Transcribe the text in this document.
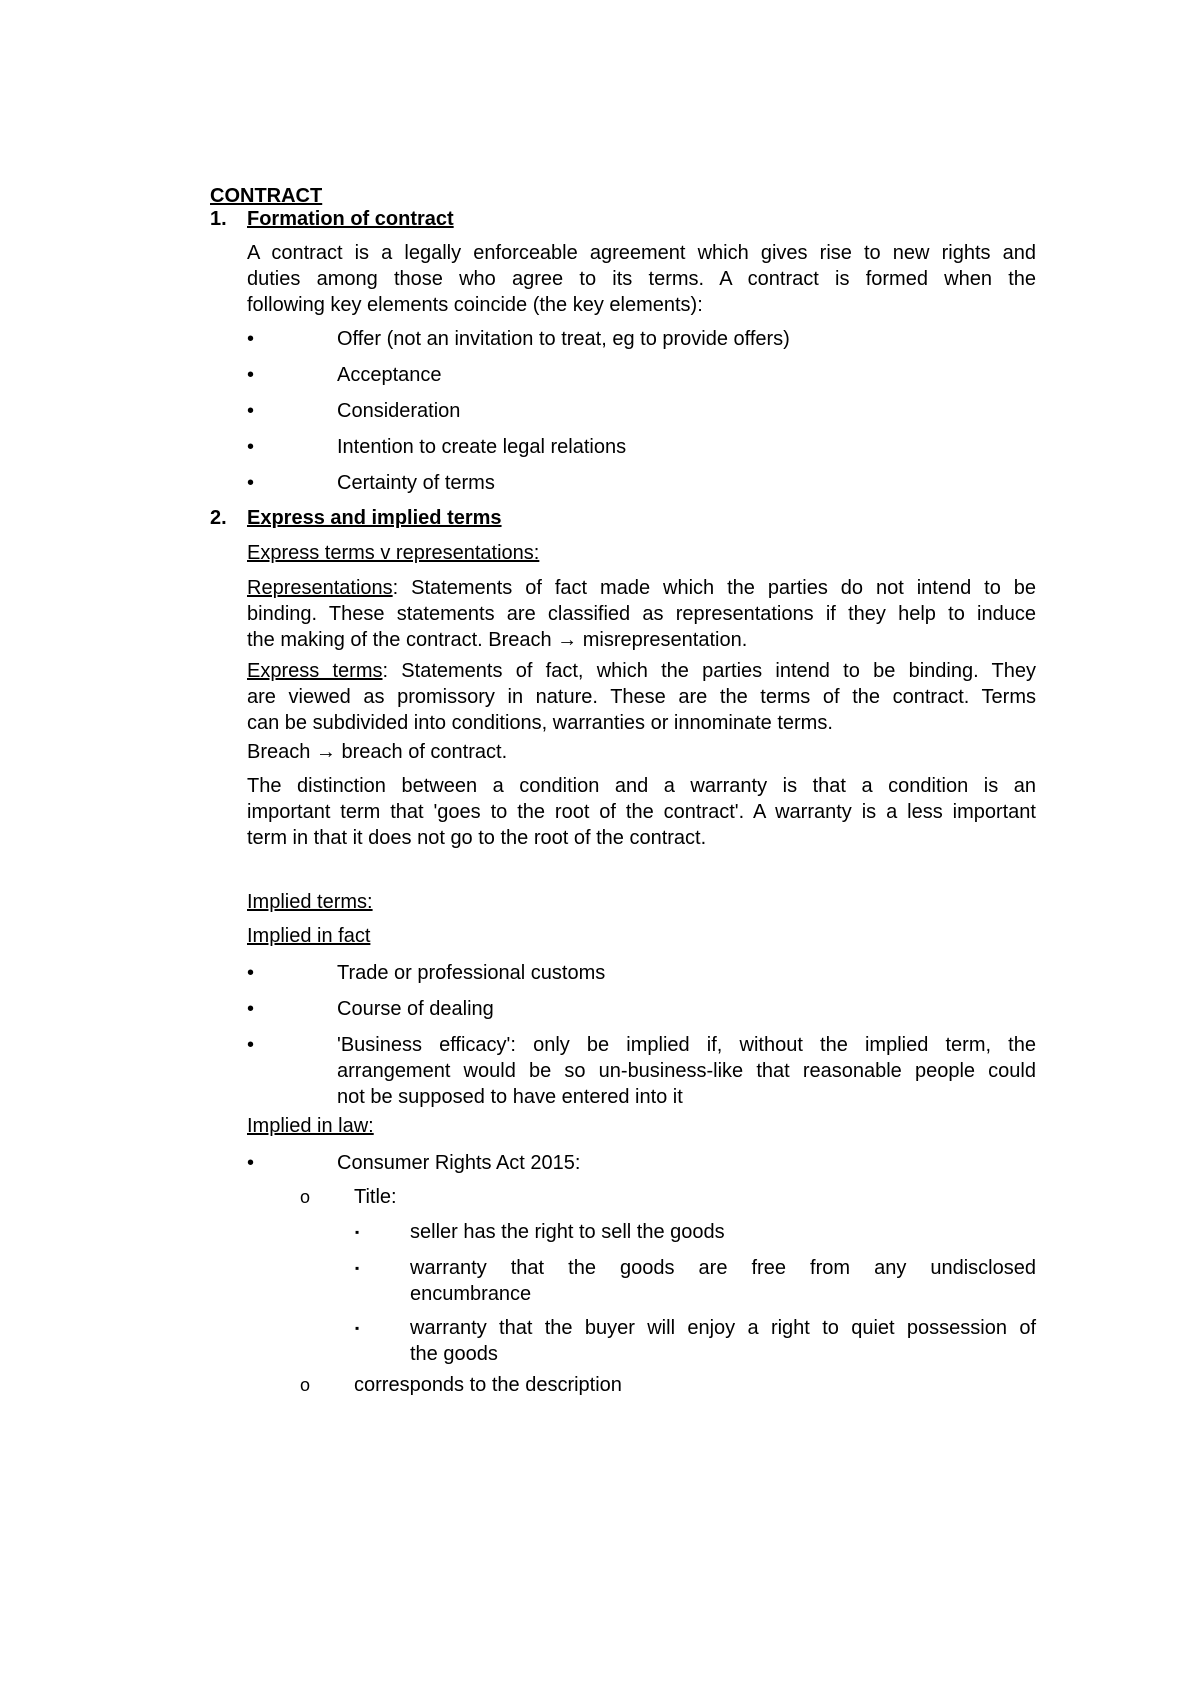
CONTRACT
1. Formation of contract
A contract is a legally enforceable agreement which gives rise to new rights and
duties among those who agree to its terms. A contract is formed when the
following key elements coincide (the key elements):
•	Offer (not an invitation to treat, eg to provide offers)
•	Acceptance
•	Consideration
•	Intention to create legal relations
•	Certainty of terms
2. Express and implied terms
Express terms v representations:
Representations: Statements of fact made which the parties do not intend to be
binding. These statements are classified as representations if they help to induce
the making of the contract. Breach → misrepresentation.
Express terms: Statements of fact, which the parties intend to be binding. They
are viewed as promissory in nature. These are the terms of the contract. Terms
can be subdivided into conditions, warranties or innominate terms.
Breach → breach of contract.
The distinction between a condition and a warranty is that a condition is an
important term that 'goes to the root of the contract'. A warranty is a less important
term in that it does not go to the root of the contract.
Implied terms:
Implied in fact
•	Trade or professional customs
•	Course of dealing
•	'Business efficacy': only be implied if, without the implied term, the
arrangement would be so un-business-like that reasonable people could
not be supposed to have entered into it
Implied in law:
•	Consumer Rights Act 2015:
o Title:
▪	seller has the right to sell the goods
▪	warranty that the goods are free from any undisclosed
encumbrance
▪	warranty that the buyer will enjoy a right to quiet possession of
the goods
o corresponds to the description
